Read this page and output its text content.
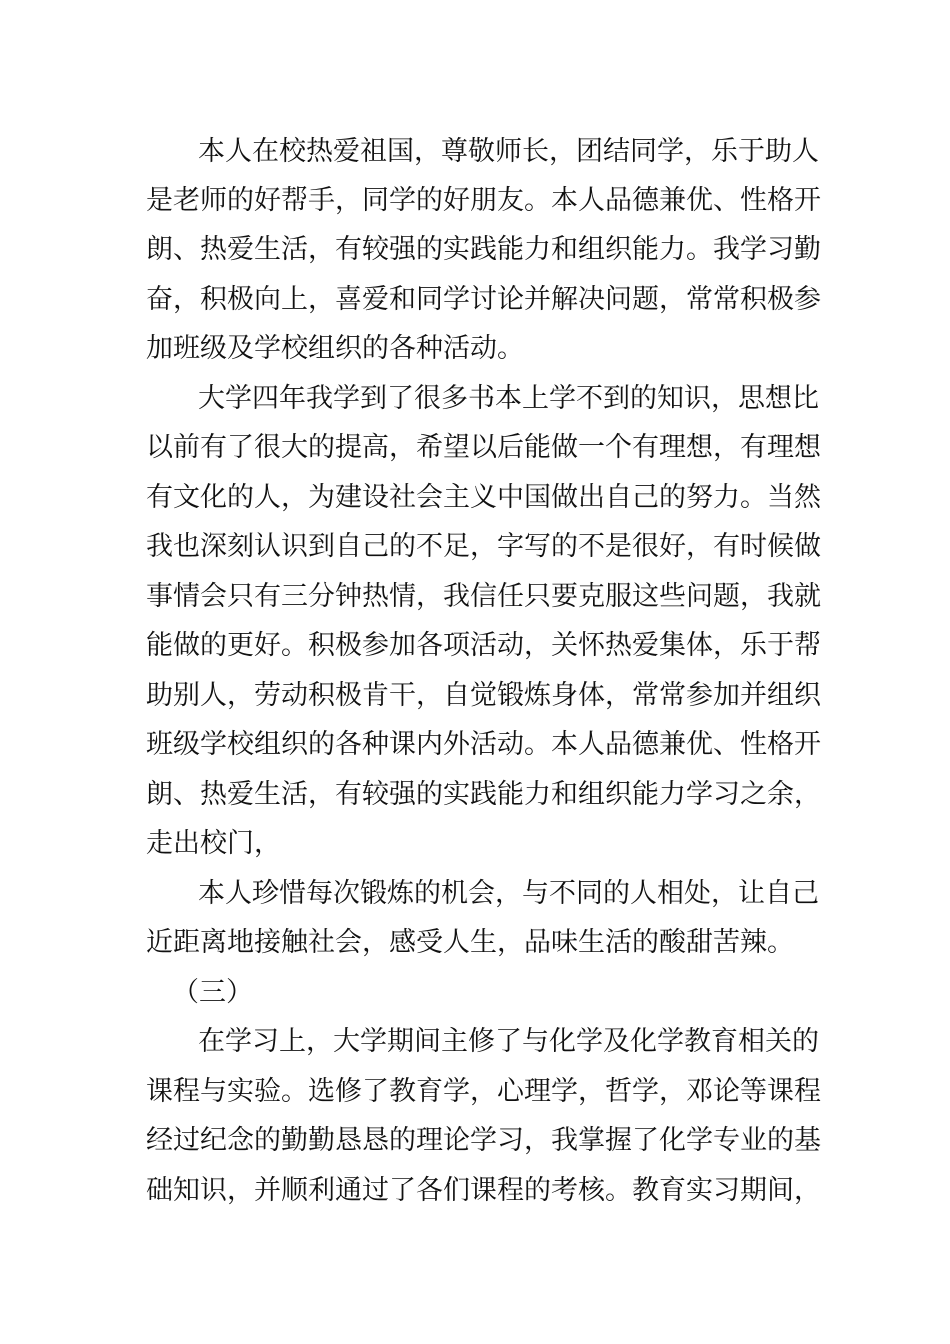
本人在校热爱祖国，尊敬师长，团结同学，乐于助人
是老师的好帮手，同学的好朋友。本人品德兼优、性格开
朗、热爱生活，有较强的实践能力和组织能力。我学习勤
奋，积极向上，喜爱和同学讨论并解决问题，常常积极参
加班级及学校组织的各种活动。
大学四年我学到了很多书本上学不到的知识，思想比
以前有了很大的提高，希望以后能做一个有理想，有理想
有文化的人，为建设社会主义中国做出自己的努力。当然
我也深刻认识到自己的不足，字写的不是很好，有时候做
事情会只有三分钟热情，我信任只要克服这些问题，我就
能做的更好。积极参加各项活动，关怀热爱集体，乐于帮
助别人，劳动积极肯干，自觉锻炼身体，常常参加并组织
班级学校组织的各种课内外活动。本人品德兼优、性格开
朗、热爱生活，有较强的实践能力和组织能力学习之余，
走出校门，
本人珍惜每次锻炼的机会，与不同的人相处，让自己
近距离地接触社会，感受人生，品味生活的酸甜苦辣。
（三）
在学习上，大学期间主修了与化学及化学教育相关的
课程与实验。选修了教育学，心理学，哲学，邓论等课程
经过纪念的勤勤恳恳的理论学习，我掌握了化学专业的基
础知识，并顺利通过了各们课程的考核。教育实习期间，
